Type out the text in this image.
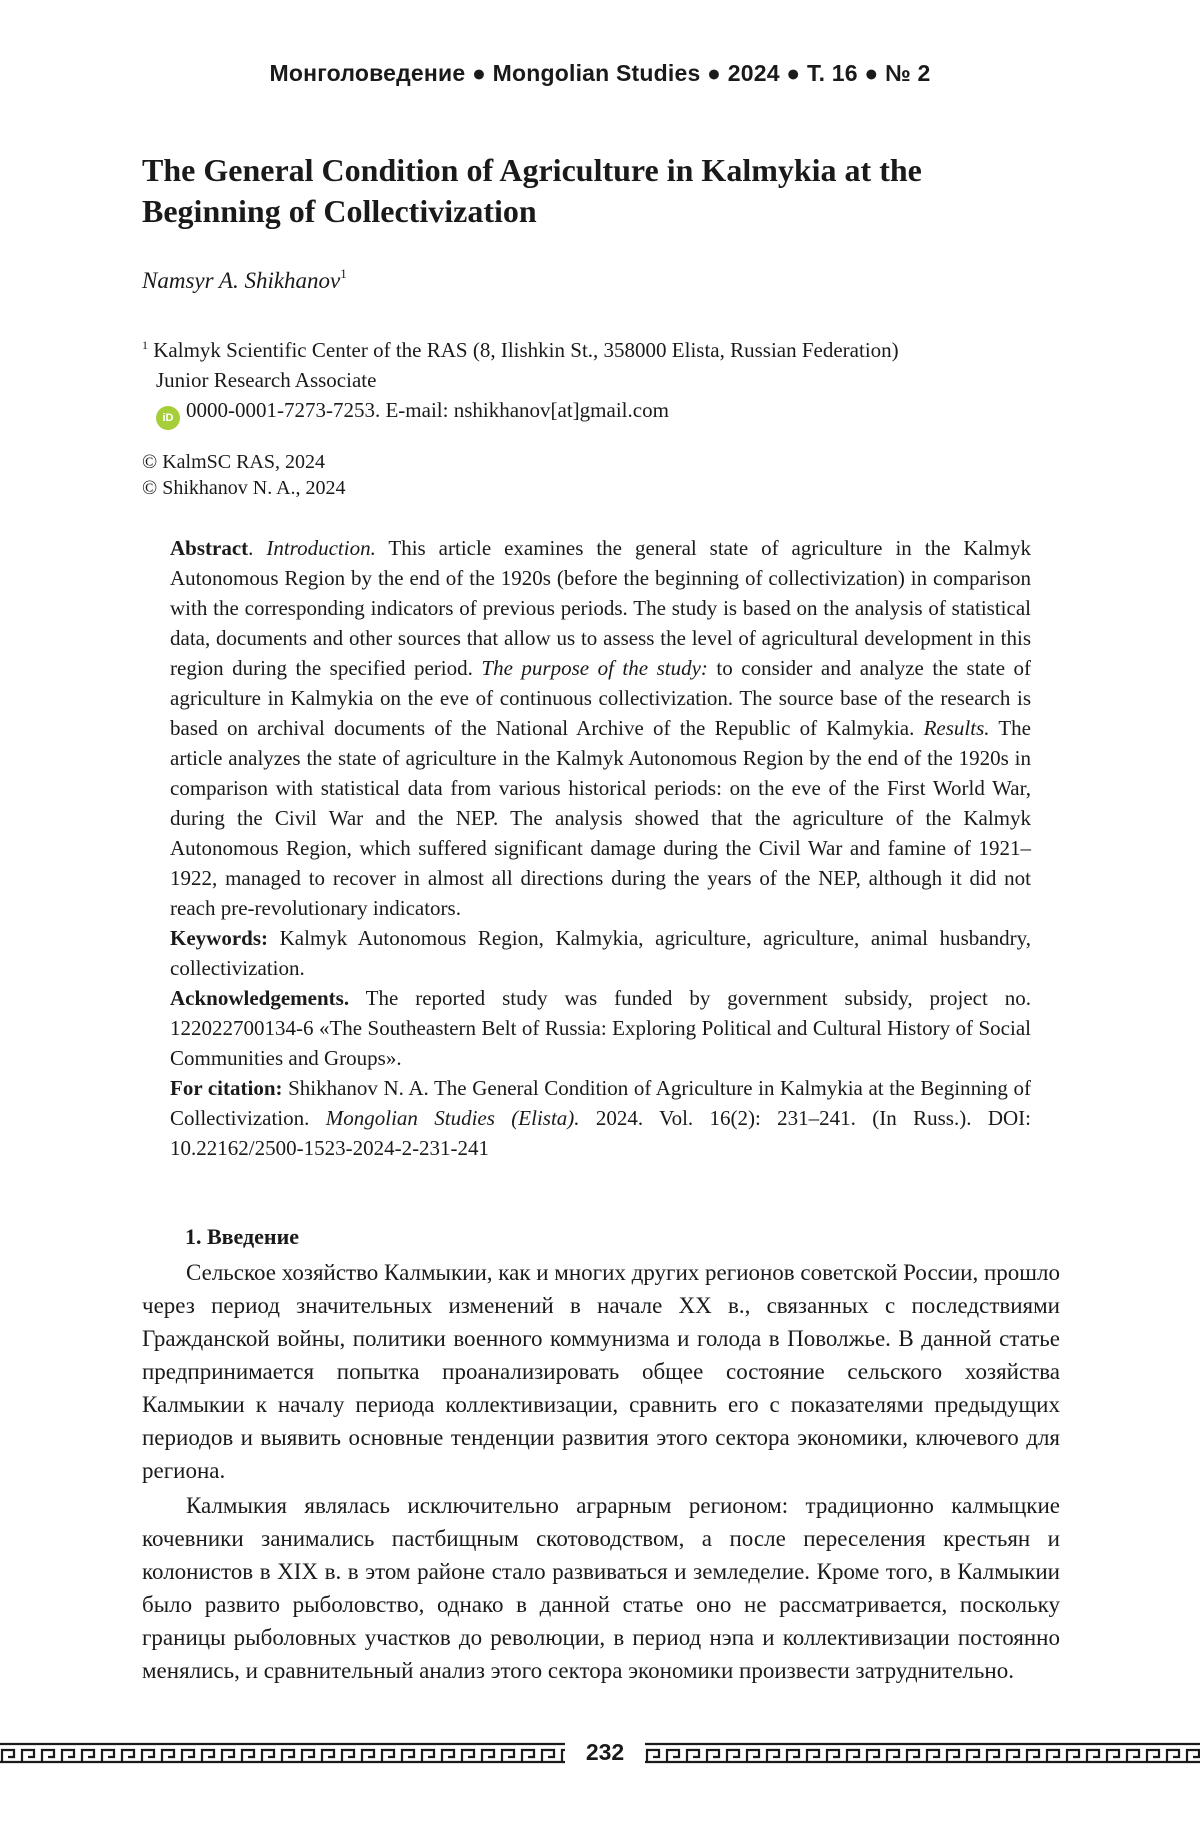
Монголоведение ● Mongolian Studies ● 2024 ● Т. 16 ● № 2
The General Condition of Agriculture in Kalmykia at the Beginning of Collectivization
Namsyr A. Shikhanov$^1$
$^1$ Kalmyk Scientific Center of the RAS (8, Ilishkin St., 358000 Elista, Russian Federation)
Junior Research Associate
iD 0000-0001-7273-7253. E-mail: nshikhanov[at]gmail.com
© KalmSC RAS, 2024
© Shikhanov N. A., 2024

Abstract. Introduction. This article examines the general state of agriculture in the Kalmyk Autonomous Region by the end of the 1920s (before the beginning of collectivization) in comparison with the corresponding indicators of previous periods. The study is based on the analysis of statistical data, documents and other sources that allow us to assess the level of agricultural development in this region during the specified period. The purpose of the study: to consider and analyze the state of agriculture in Kalmykia on the eve of continuous collectivization. The source base of the research is based on archival documents of the National Archive of the Republic of Kalmykia. Results. The article analyzes the state of agriculture in the Kalmyk Autonomous Region by the end of the 1920s in comparison with statistical data from various historical periods: on the eve of the First World War, during the Civil War and the NEP. The analysis showed that the agriculture of the Kalmyk Autonomous Region, which suffered significant damage during the Civil War and famine of 1921–1922, managed to recover in almost all directions during the years of the NEP, although it did not reach pre-revolutionary indicators.

Keywords: Kalmyk Autonomous Region, Kalmykia, agriculture, agriculture, animal husbandry, collectivization.

Acknowledgements. The reported study was funded by government subsidy, project no. 122022700134-6 «The Southeastern Belt of Russia: Exploring Political and Cultural History of Social Communities and Groups».

For citation: Shikhanov N. A. The General Condition of Agriculture in Kalmykia at the Beginning of Collectivization. Mongolian Studies (Elista). 2024. Vol. 16(2): 231–241. (In Russ.). DOI: 10.22162/2500-1523-2024-2-231-241

1. Введение

Сельское хозяйство Калмыкии, как и многих других регионов советской России, прошло через период значительных изменений в начале XX в., связанных с последствиями Гражданской войны, политики военного коммунизма и голода в Поволжье. В данной статье предпринимается попытка проанализировать общее состояние сельского хозяйства Калмыкии к началу периода коллективизации, сравнить его с показателями предыдущих периодов и выявить основные тенденции развития этого сектора экономики, ключевого для региона.

Калмыкия являлась исключительно аграрным регионом: традиционно калмыцкие кочевники занимались пастбищным скотоводством, а после переселения крестьян и колонистов в XIX в. в этом районе стало развиваться и земледелие. Кроме того, в Калмыкии было развито рыболовство, однако в данной статье оно не рассматривается, поскольку границы рыболовных участков до революции, в период нэпа и коллективизации постоянно менялись, и сравнительный анализ этого сектора экономики произвести затруднительно.

232
